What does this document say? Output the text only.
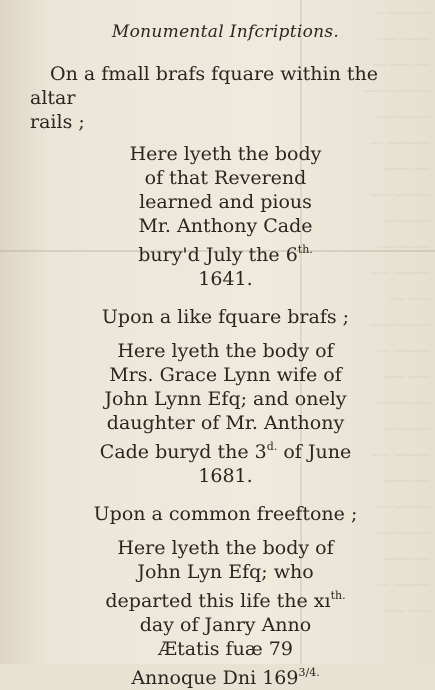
~ ~~~~~~
~~~ ~~~~
~~ ~~~ ~~
~~~~ ~~~~~
~~~ ~~~~
~~ ~~~~~~
~~~~ ~~
~~~ ~~~~~
~~ ~~~~
~~~~~ ~~
~~~ ~~~~~
~~ ~~~
~~~~ ~~~~
~~ ~~~~~
~~~ ~~~
~~~~~ ~~
~~ ~~~~
~~~ ~~~~~
~~~~ ~~
~~ ~~~~~
~~~ ~~~~
~~~~ ~~
~~ ~~~~~
~~~ ~~~

Monumental Infcriptions.

On a fmall brafs fquare within the altar

rails ;

Here lyeth the body
of that Reverend
learned and pious
Mr. Anthony Cade
bury'd July the $6^{th.}$
1641.

Upon a like fquare brafs ;

Here lyeth the body of
Mrs. Grace Lynn wife of
John Lynn Efq; and onely
daughter of Mr. Anthony
Cade buryd the $3^{d.}$ of June
1681.

Upon a common freeftone ;

Here lyeth the body of
John Lyn Efq; who
departed this life the $xı^{th.}$
day of Janry Anno
Ætatis fuæ 79
Annoque Dni $169^{3/4.}$
